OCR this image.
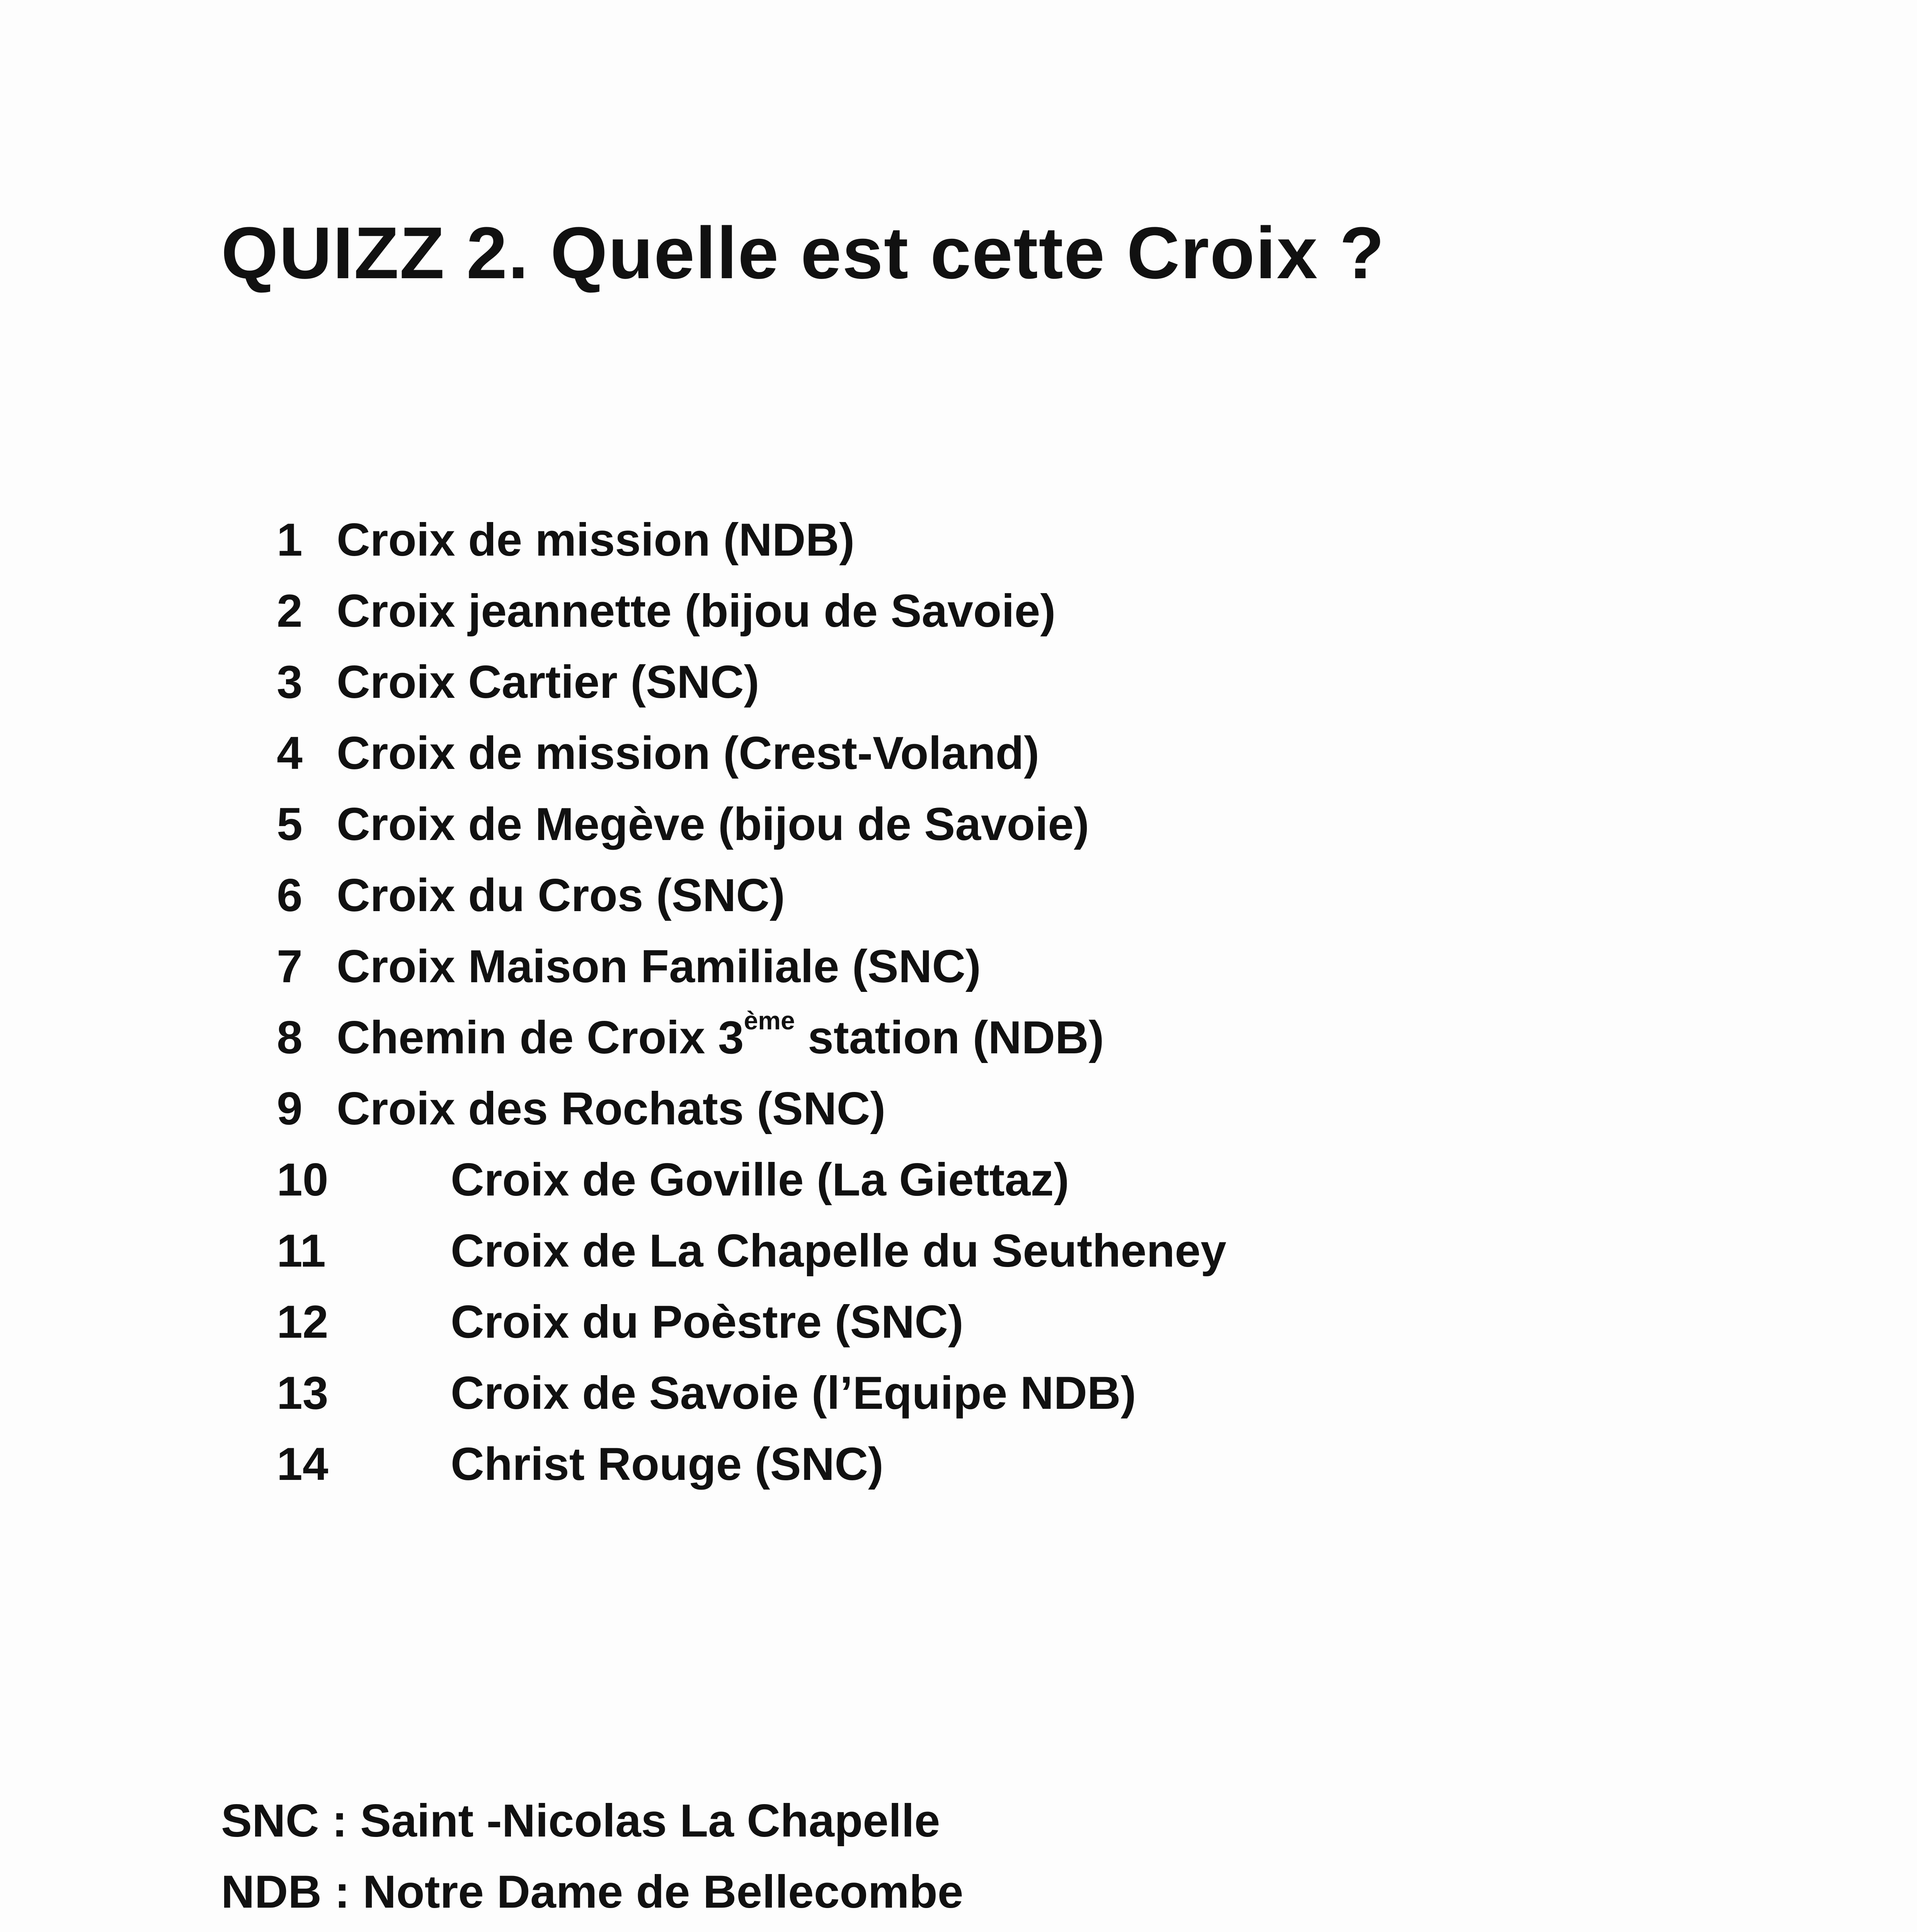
QUIZZ 2. Quelle est cette Croix ?
1 Croix de mission (NDB)
2 Croix jeannette (bijou de Savoie)
3 Croix Cartier (SNC)
4 Croix de mission (Crest-Voland)
5 Croix de Megève (bijou de Savoie)
6 Croix du Cros (SNC)
7 Croix Maison Familiale (SNC)
8 Chemin de Croix 3ème station (NDB)
9 Croix des Rochats (SNC)
10	Croix de Goville (La Giettaz)
11	Croix de La Chapelle du Seutheney
12	Croix du Poèstre (SNC)
13	Croix de Savoie (l’Equipe NDB)
14	Christ Rouge (SNC)
SNC : Saint -Nicolas La Chapelle
NDB : Notre Dame de Bellecombe
